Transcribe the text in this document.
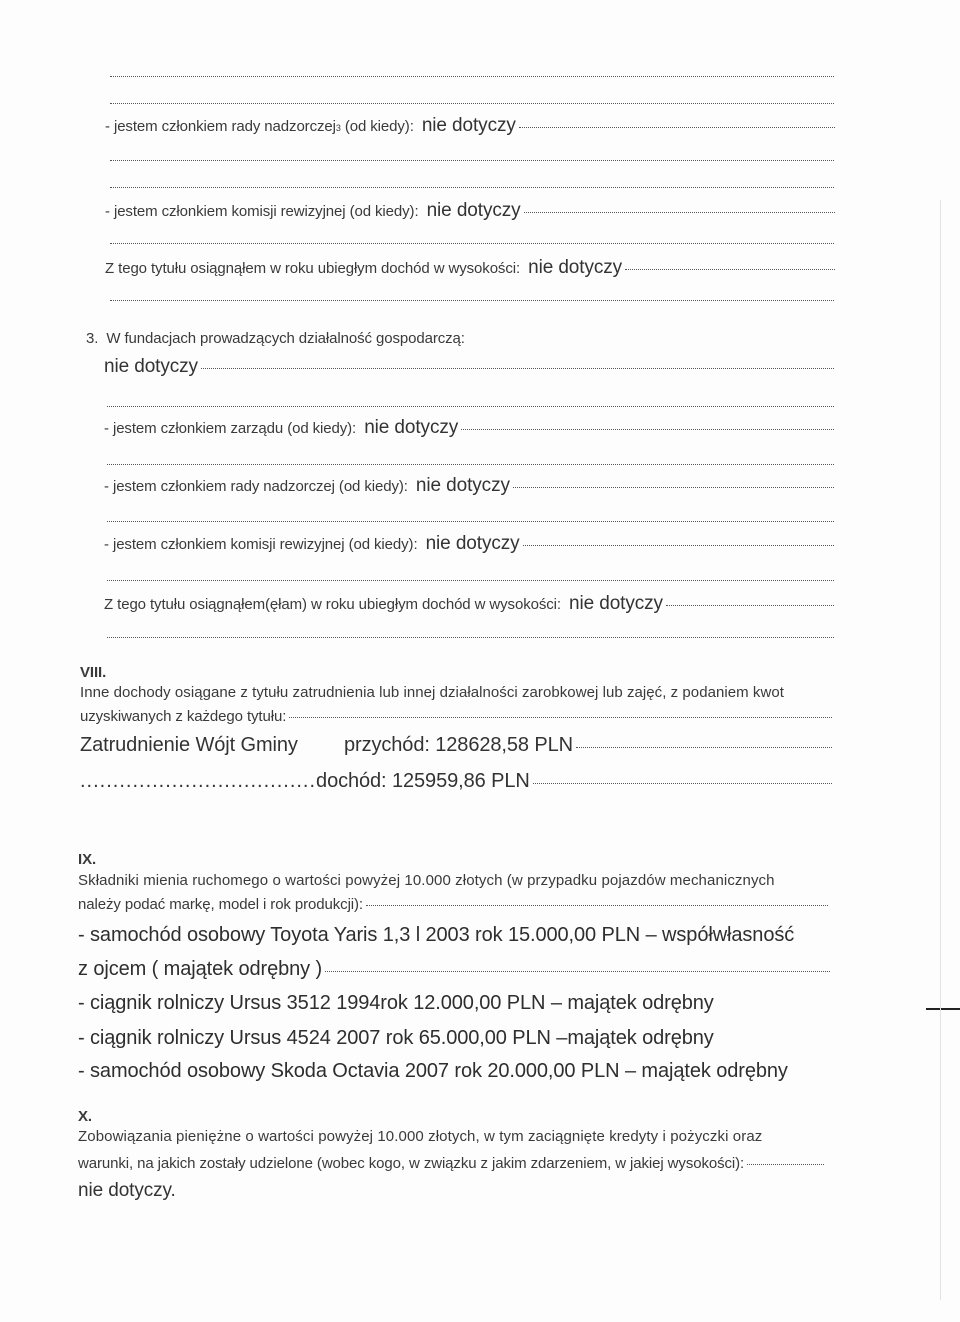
- jestem członkiem rady nadzorczej 3 (od kiedy): nie dotyczy
- jestem członkiem komisji rewizyjnej (od kiedy): nie dotyczy
Z tego tytułu osiągnąłem w roku ubiegłym dochód w wysokości: nie dotyczy
3. W fundacjach prowadzących działalność gospodarczą:
nie dotyczy
- jestem członkiem zarządu (od kiedy): nie dotyczy
- jestem członkiem rady nadzorczej (od kiedy): nie dotyczy
- jestem członkiem komisji rewizyjnej (od kiedy): nie dotyczy
Z tego tytułu osiągnąłem(ęłam) w roku ubiegłym dochód w wysokości: nie dotyczy
VIII.
Inne dochody osiągane z tytułu zatrudnienia lub innej działalności zarobkowej lub zajęć, z podaniem kwot
uzyskiwanych z każdego tytułu:
Zatrudnienie Wójt Gminy	przychód: 128628,58 PLN
.................................... dochód: 125959,86 PLN
IX.
Składniki mienia ruchomego o wartości powyżej 10.000 złotych (w przypadku pojazdów mechanicznych
należy podać markę, model i rok produkcji):
- samochód osobowy Toyota Yaris 1,3 l 2003 rok 15.000,00 PLN – współwłasność
z ojcem ( majątek odrębny )
- ciągnik rolniczy Ursus 3512 1994rok 12.000,00 PLN – majątek odrębny
- ciągnik rolniczy Ursus 4524 2007 rok 65.000,00 PLN –majątek odrębny
- samochód osobowy Skoda Octavia 2007 rok 20.000,00 PLN – majątek odrębny
X.
Zobowiązania pieniężne o wartości powyżej 10.000 złotych, w tym zaciągnięte kredyty i pożyczki oraz
warunki, na jakich zostały udzielone (wobec kogo, w związku z jakim zdarzeniem, w jakiej wysokości):
nie dotyczy.
